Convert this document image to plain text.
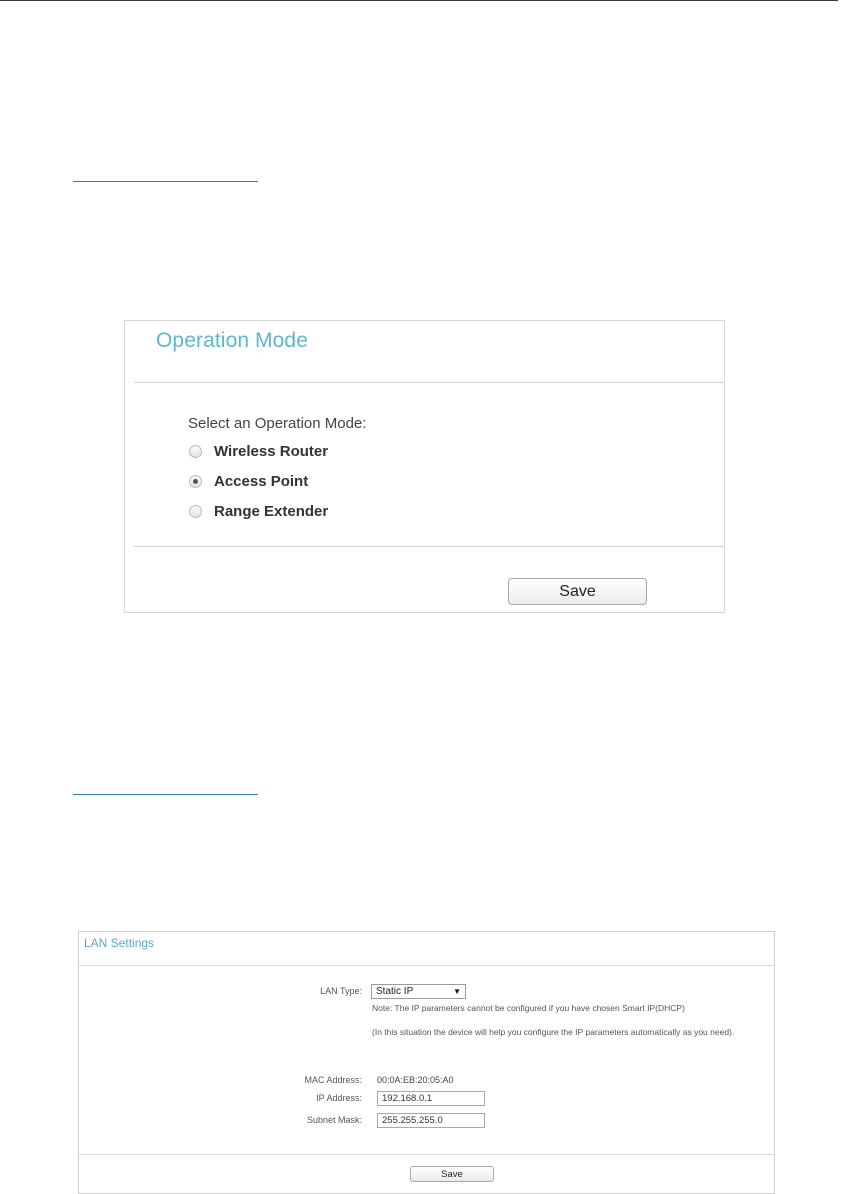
Operation Mode
Select an Operation Mode:
Wireless Router
Access Point
Range Extender
Save
LAN Settings
LAN Type:	Static IP	▼
Note: The IP parameters cannot be configured if you have chosen Smart IP(DHCP)
(In this situation the device will help you configure the IP parameters automatically as you need).
MAC Address: 00:0A:EB:20:05:A0
IP Address:
192.168.0.1
Subnet Mask:
255.255.255.0
Save
